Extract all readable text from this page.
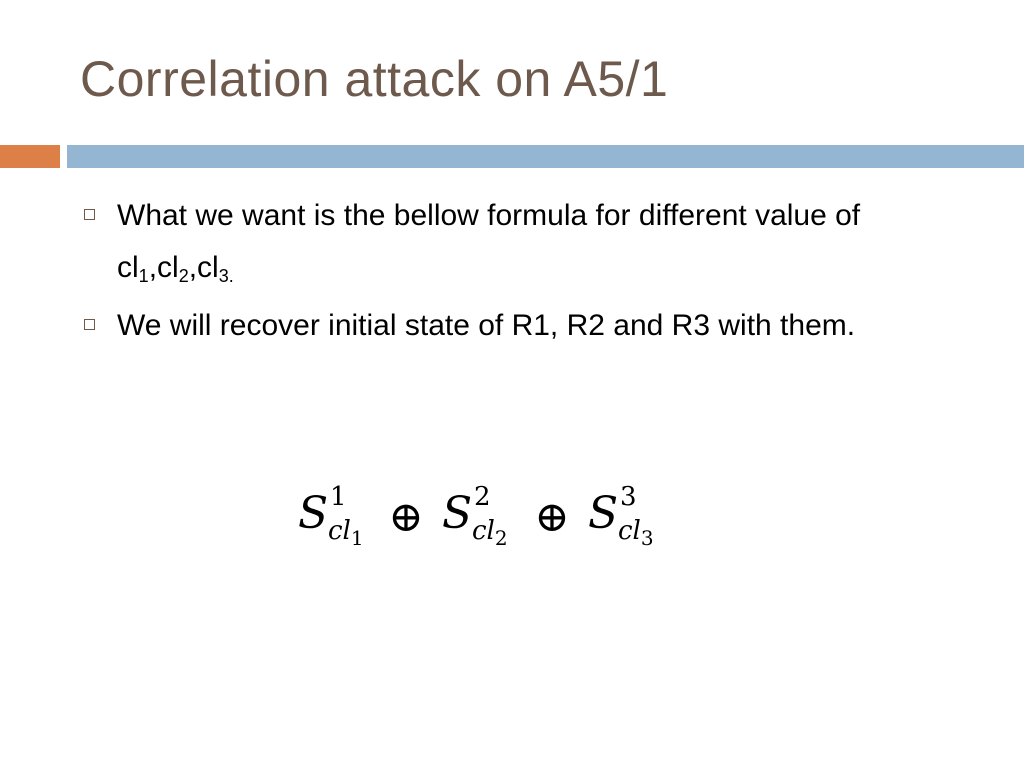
Correlation attack on A5/1
What we want is the bellow formula for different value of $cl_1,cl_2,cl_{3.}$
We will recover initial state of R1, R2 and R3 with them.
S 1
$cl_1$ ⊕ S 2
$cl_2$ ⊕ S 3
$cl_3$
